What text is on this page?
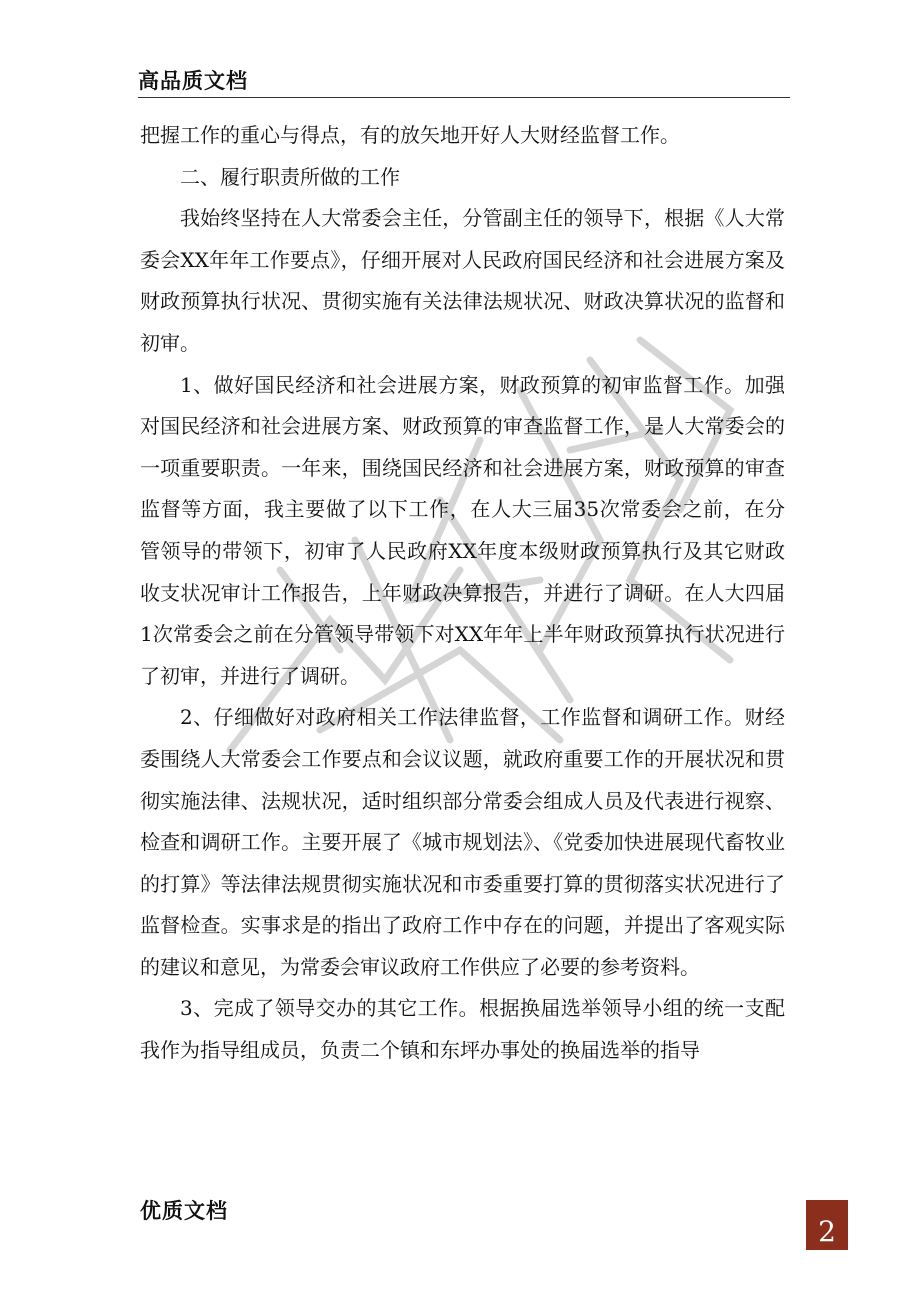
高品质文档

把握工作的重心与得点，有的放矢地开好人大财经监督工作。

二、履行职责所做的工作

我始终坚持在人大常委会主任，分管副主任的领导下，根据《人大常委会XX年年工作要点》，仔细开展对人民政府国民经济和社会进展方案及财政预算执行状况、贯彻实施有关法律法规状况、财政决算状况的监督和初审。

1、做好国民经济和社会进展方案，财政预算的初审监督工作。加强对国民经济和社会进展方案、财政预算的审查监督工作，是人大常委会的一项重要职责。一年来，围绕国民经济和社会进展方案，财政预算的审查监督等方面，我主要做了以下工作，在人大三届35次常委会之前，在分管领导的带领下，初审了人民政府XX年度本级财政预算执行及其它财政收支状况审计工作报告，上年财政决算报告，并进行了调研。在人大四届1次常委会之前在分管领导带领下对XX年年上半年财政预算执行状况进行了初审，并进行了调研。

2、仔细做好对政府相关工作法律监督，工作监督和调研工作。财经委围绕人大常委会工作要点和会议议题，就政府重要工作的开展状况和贯彻实施法律、法规状况，适时组织部分常委会组成人员及代表进行视察、检查和调研工作。主要开展了《城市规划法》、《党委加快进展现代畜牧业的打算》等法律法规贯彻实施状况和市委重要打算的贯彻落实状况进行了监督检查。实事求是的指出了政府工作中存在的问题，并提出了客观实际的建议和意见，为常委会审议政府工作供应了必要的参考资料。

3、完成了领导交办的其它工作。根据换届选举领导小组的统一支配我作为指导组成员，负责二个镇和东坪办事处的换届选举的指导

优质文档
2
